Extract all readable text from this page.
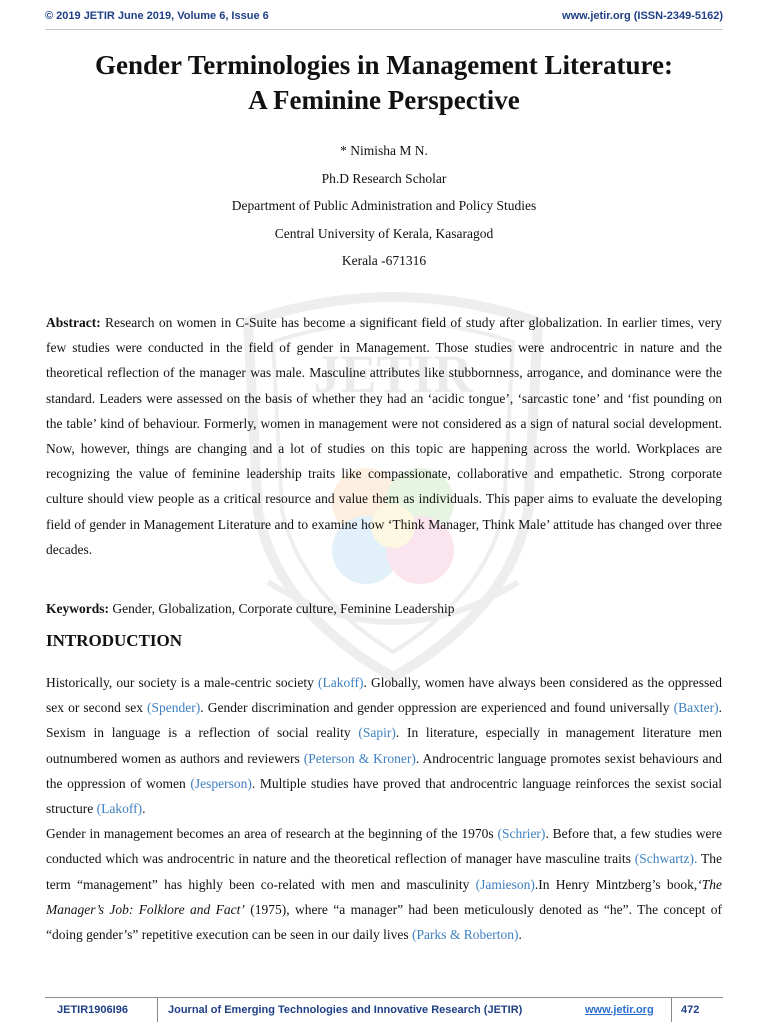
© 2019 JETIR June 2019, Volume 6, Issue 6	www.jetir.org (ISSN-2349-5162)
JETIR
Gender Terminologies in Management Literature:
A Feminine Perspective
* Nimisha M N.
Ph.D Research Scholar
Department of Public Administration and Policy Studies
Central University of Kerala, Kasaragod
Kerala -671316
Abstract: Research on women in C-Suite has become a significant field of study after globalization. In earlier times, very few studies were conducted in the field of gender in Management. Those studies were androcentric in nature and the theoretical reflection of the manager was male. Masculine attributes like stubbornness, arrogance, and dominance were the standard. Leaders were assessed on the basis of whether they had an ‘acidic tongue’, ‘sarcastic tone’ and ‘fist pounding on the table’ kind of behaviour. Formerly, women in management were not considered as a sign of natural social development. Now, however, things are changing and a lot of studies on this topic are happening across the world. Workplaces are recognizing the value of feminine leadership traits like compassionate, collaborative and empathetic. Strong corporate culture should view people as a critical resource and value them as individuals. This paper aims to evaluate the developing field of gender in Management Literature and to examine how ‘Think Manager, Think Male’ attitude has changed over three decades.
Keywords: Gender, Globalization, Corporate culture, Feminine Leadership
INTRODUCTION

Historically, our society is a male-centric society (Lakoff). Globally, women have always been considered as the oppressed sex or second sex (Spender). Gender discrimination and gender oppression are experienced and found universally (Baxter). Sexism in language is a reflection of social reality (Sapir). In literature, especially in management literature men outnumbered women as authors and reviewers (Peterson & Kroner). Androcentric language promotes sexist behaviours and the oppression of women (Jesperson). Multiple studies have proved that androcentric language reinforces the sexist social structure (Lakoff).

Gender in management becomes an area of research at the beginning of the 1970s (Schrier). Before that, a few studies were conducted which was androcentric in nature and the theoretical reflection of manager have masculine traits (Schwartz). The term “management” has highly been co-related with men and masculinity (Jamieson).In Henry Mintzberg’s book,‘The Manager’s Job: Folklore and Fact’ (1975), where “a manager” had been meticulously denoted as “he”. The concept of “doing gender’s” repetitive execution can be seen in our daily lives (Parks & Roberton).

JETIR1906I96	Journal of Emerging Technologies and Innovative Research (JETIR)	www.jetir.org 472
